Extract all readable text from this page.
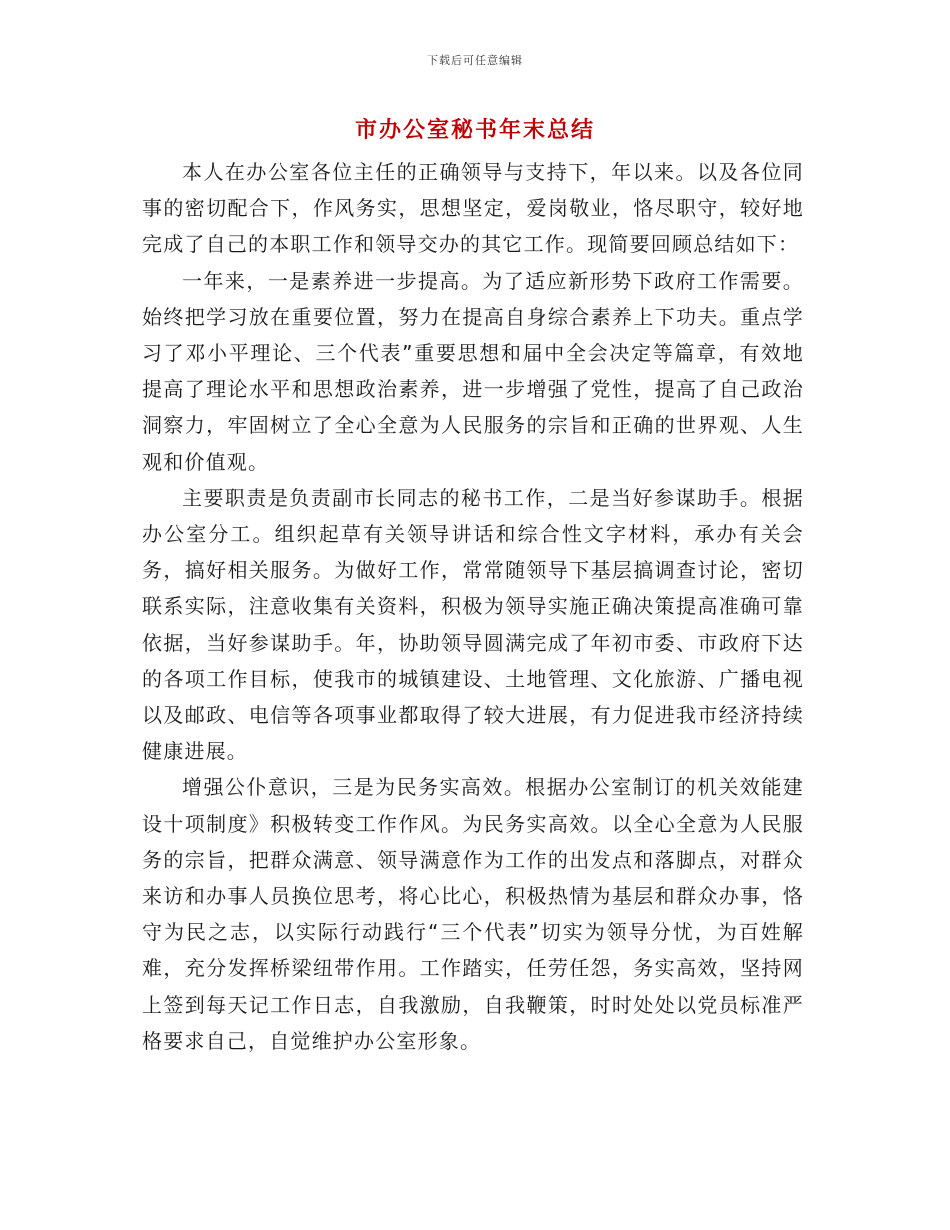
下载后可任意编辑
市办公室秘书年末总结

本人在办公室各位主任的正确领导与支持下，年以来。以及各位同事的密切配合下，作风务实，思想坚定，爱岗敬业，恪尽职守，较好地完成了自己的本职工作和领导交办的其它工作。现简要回顾总结如下：

一年来，一是素养进一步提高。为了适应新形势下政府工作需要。始终把学习放在重要位置，努力在提高自身综合素养上下功夫。重点学习了邓小平理论、三个代表”重要思想和届中全会决定等篇章，有效地提高了理论水平和思想政治素养，进一步增强了党性，提高了自己政治洞察力，牢固树立了全心全意为人民服务的宗旨和正确的世界观、人生观和价值观。

主要职责是负责副市长同志的秘书工作，二是当好参谋助手。根据办公室分工。组织起草有关领导讲话和综合性文字材料，承办有关会务，搞好相关服务。为做好工作，常常随领导下基层搞调查讨论，密切联系实际，注意收集有关资料，积极为领导实施正确决策提高准确可靠依据，当好参谋助手。年，协助领导圆满完成了年初市委、市政府下达的各项工作目标，使我市的城镇建设、土地管理、文化旅游、广播电视以及邮政、电信等各项事业都取得了较大进展，有力促进我市经济持续健康进展。

增强公仆意识，三是为民务实高效。根据办公室制订的机关效能建设十项制度》积极转变工作作风。为民务实高效。以全心全意为人民服务的宗旨，把群众满意、领导满意作为工作的出发点和落脚点，对群众来访和办事人员换位思考，将心比心，积极热情为基层和群众办事，恪守为民之志，以实际行动践行“三个代表”切实为领导分忧，为百姓解难，充分发挥桥梁纽带作用。工作踏实，任劳任怨，务实高效，坚持网上签到每天记工作日志，自我激励，自我鞭策，时时处处以党员标准严格要求自己，自觉维护办公室形象。
